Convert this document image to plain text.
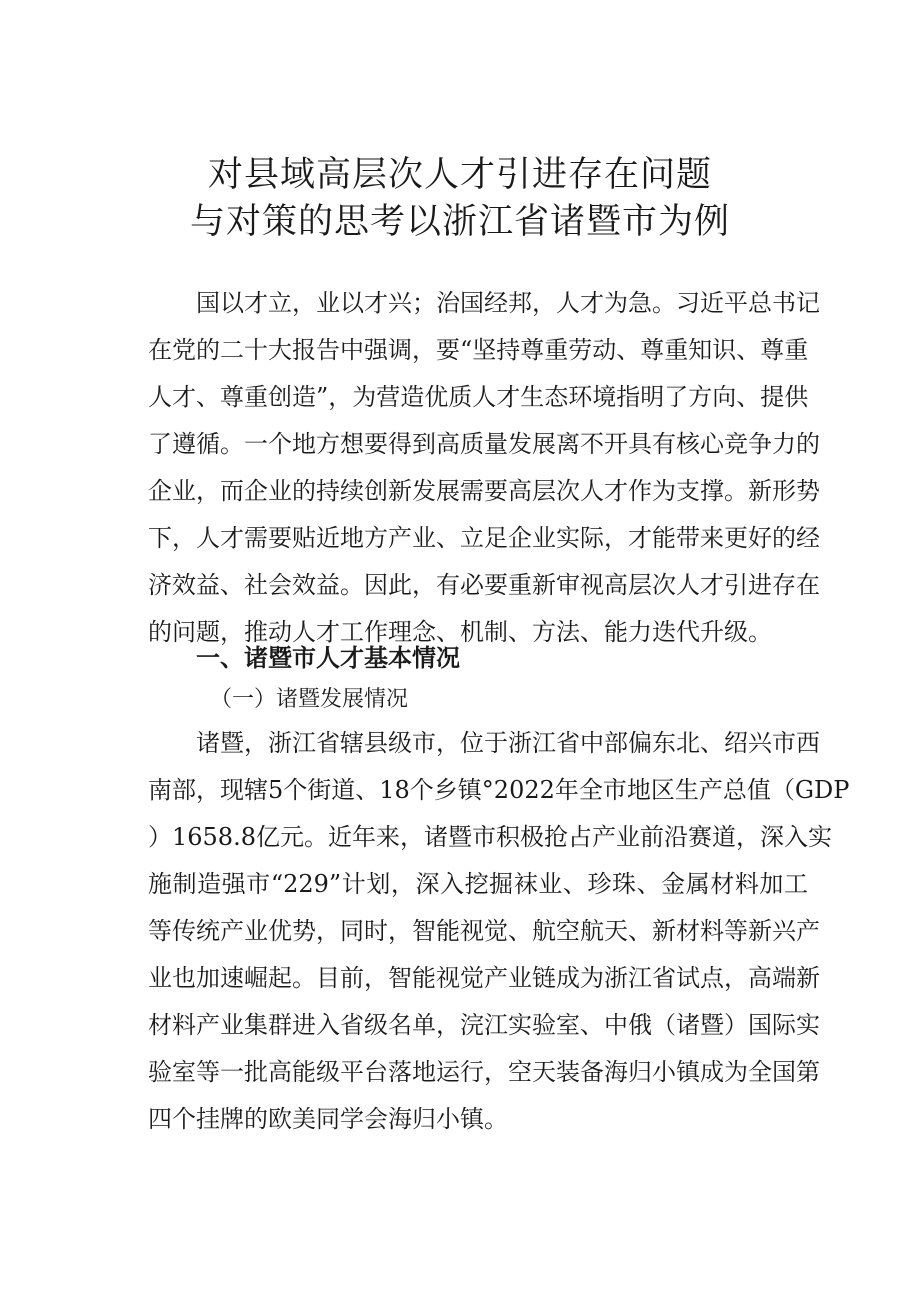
对县域高层次人才引进存在问题
与对策的思考以浙江省诸暨市为例
国以才立，业以才兴；治国经邦，人才为急。习近平总书记
在党的二十大报告中强调，要“坚持尊重劳动、尊重知识、尊重
人才、尊重创造”，为营造优质人才生态环境指明了方向、提供
了遵循。一个地方想要得到高质量发展离不开具有核心竞争力的
企业，而企业的持续创新发展需要高层次人才作为支撑。新形势
下，人才需要贴近地方产业、立足企业实际，才能带来更好的经
济效益、社会效益。因此，有必要重新审视高层次人才引进存在
的问题，推动人才工作理念、机制、方法、能力迭代升级。
一、诸暨市人才基本情况
（一）诸暨发展情况
诸暨，浙江省辖县级市，位于浙江省中部偏东北、绍兴市西
南部，现辖5个街道、18个乡镇°2022年全市地区生产总值（GDP
）1658.8亿元。近年来，诸暨市积极抢占产业前沿赛道，深入实
施制造强市“229”计划，深入挖掘袜业、珍珠、金属材料加工
等传统产业优势，同时，智能视觉、航空航天、新材料等新兴产
业也加速崛起。目前，智能视觉产业链成为浙江省试点，高端新
材料产业集群进入省级名单，浣江实验室、中俄（诸暨）国际实
验室等一批高能级平台落地运行，空天装备海归小镇成为全国第
四个挂牌的欧美同学会海归小镇。
